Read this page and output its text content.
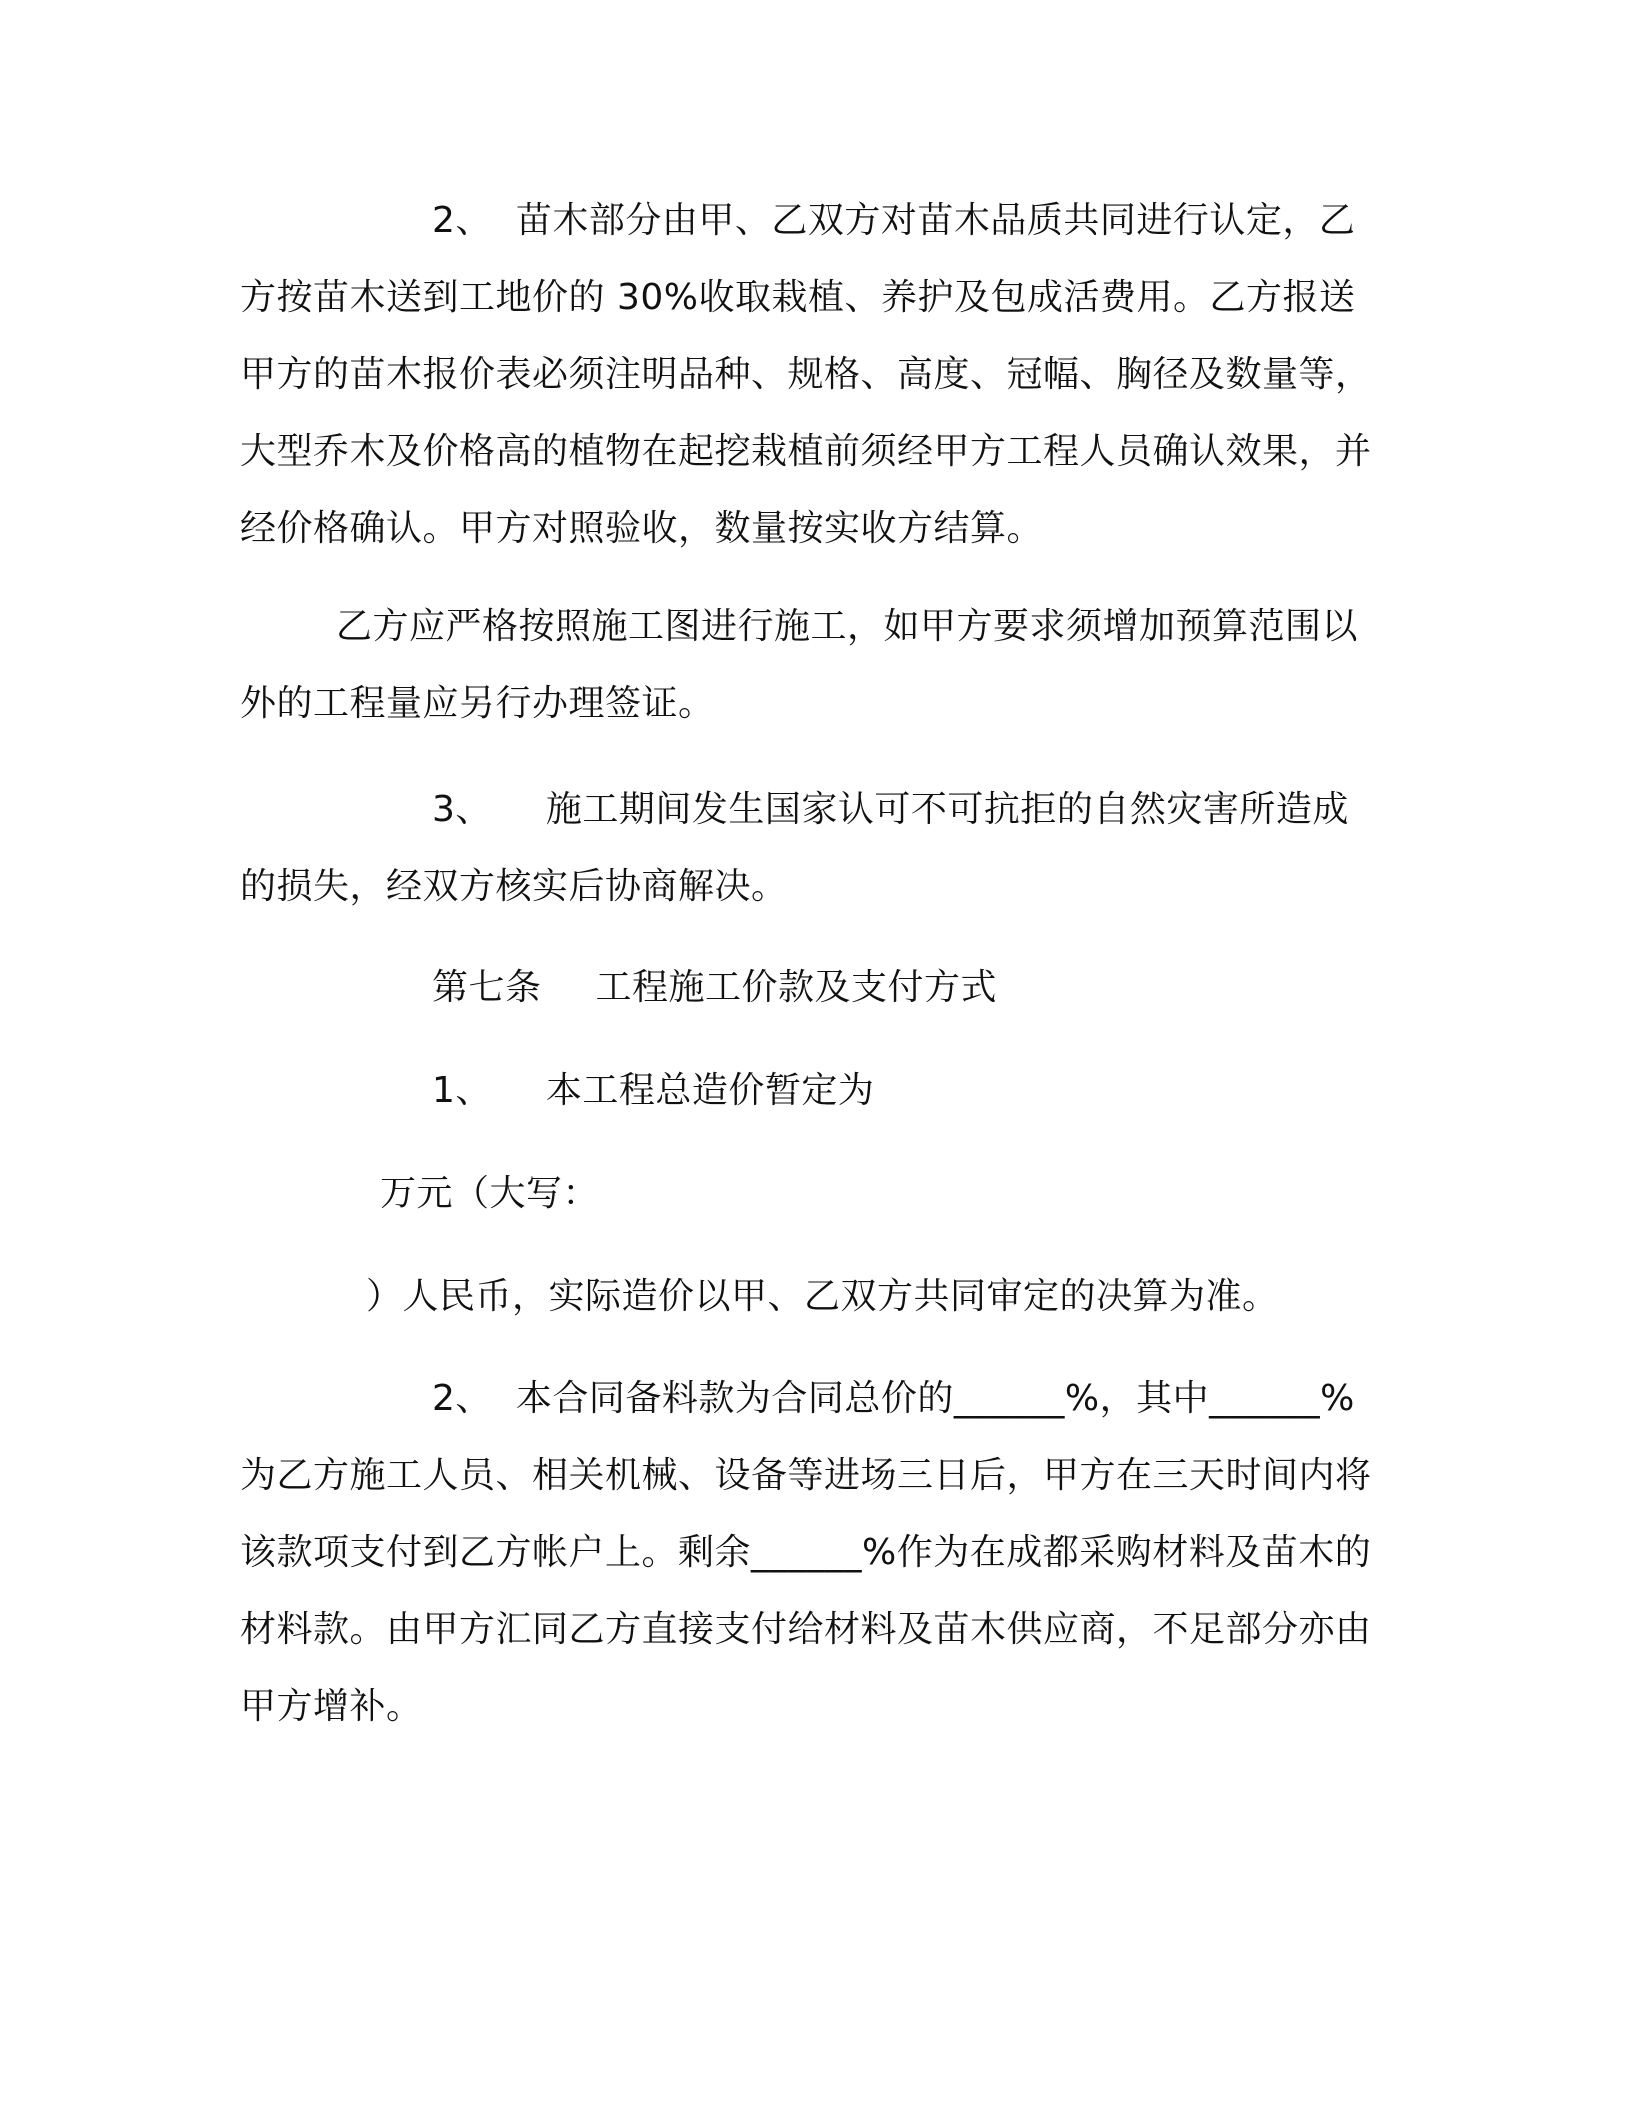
2、 苗木部分由甲、乙双方对苗木品质共同进行认定，乙方按苗木送到工地价的 30%收取栽植、养护及包成活费用。乙方报送甲方的苗木报价表必须注明品种、规格、高度、冠幅、胸径及数量等，大型乔木及价格高的植物在起挖栽植前须经甲方工程人员确认效果，并经价格确认。甲方对照验收，数量按实收方结算。

乙方应严格按照施工图进行施工，如甲方要求须增加预算范围以外的工程量应另行办理签证。

3、 施工期间发生国家认可不可抗拒的自然灾害所造成的损失，经双方核实后协商解决。

第七条 工程施工价款及支付方式

1、 本工程总造价暂定为

万元（大写：

）人民币，实际造价以甲、乙双方共同审定的决算为准。

2、 本合同备料款为合同总价的______%，其中______%为乙方施工人员、相关机械、设备等进场三日后，甲方在三天时间内将该款项支付到乙方帐户上。剩余______%作为在成都采购材料及苗木的材料款。由甲方汇同乙方直接支付给材料及苗木供应商，不足部分亦由甲方增补。
